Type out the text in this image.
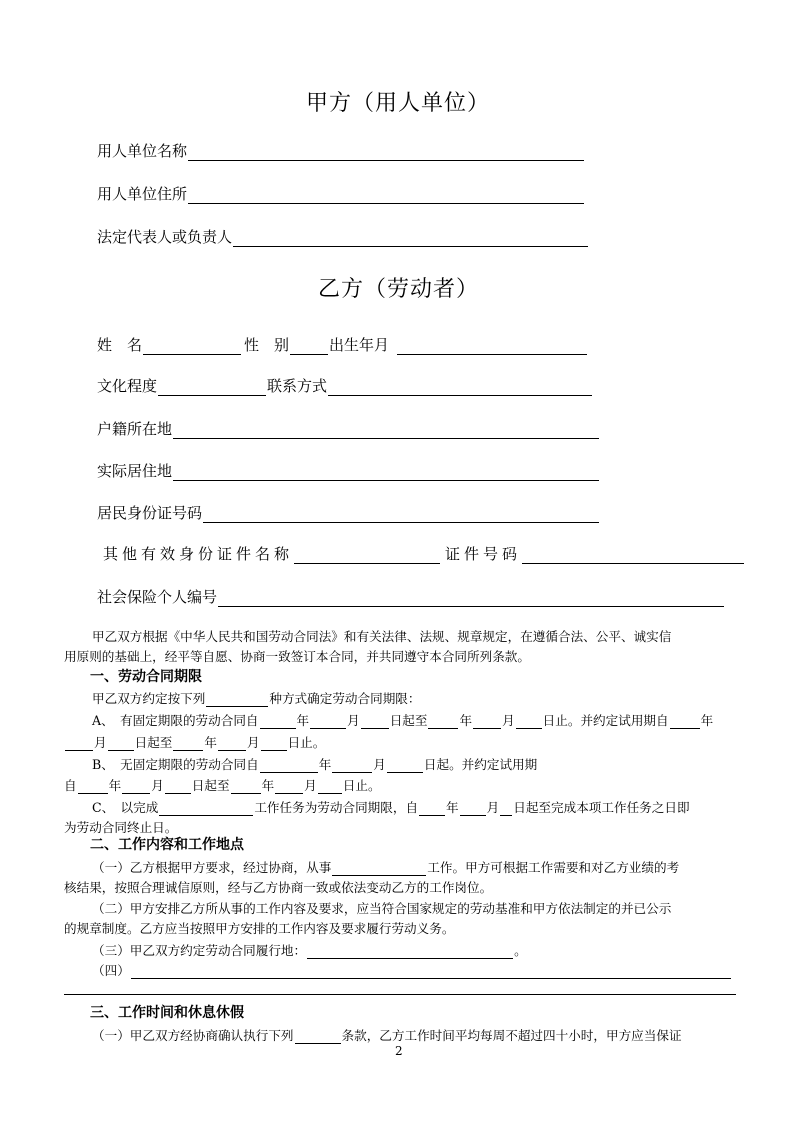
甲方（用人单位）
用人单位名称
用人单位住所
法定代表人或负责人
乙方（劳动者）
姓　名	性　别	出生年月
文化程度	联系方式
户籍所在地
实际居住地
居民身份证号码
其他有效身份证件名称	证件号码
社会保险个人编号
甲乙双方根据《中华人民共和国劳动合同法》和有关法律、法规、规章规定，在遵循合法、公平、诚实信
用原则的基础上，经平等自愿、协商一致签订本合同，并共同遵守本合同所列条款。
一、劳动合同期限
甲乙双方约定按下列	种方式确定劳动合同期限：
A、　有固定期限的劳动合同自	年	月 日起至	年 月 日止。并约定试用期自	年
月 日起至	年 月 日止。
B、　无固定期限的劳动合同自	年	月	日起。并约定试用期
自	年 月 日起至	年 月 日止。
C、　以完成	工作任务为劳动合同期限，自 年 月 日起至完成本项工作任务之日即
为劳动合同终止日。
二、工作内容和工作地点
（一）乙方根据甲方要求，经过协商，从事	工作。甲方可根据工作需要和对乙方业绩的考
核结果，按照合理诚信原则，经与乙方协商一致或依法变动乙方的工作岗位。
（二）甲方安排乙方所从事的工作内容及要求，应当符合国家规定的劳动基准和甲方依法制定的并已公示
的规章制度。乙方应当按照甲方安排的工作内容及要求履行劳动义务。
（三）甲乙双方约定劳动合同履行地：	。
（四）
三、工作时间和休息休假
（一）甲乙双方经协商确认执行下列	条款，乙方工作时间平均每周不超过四十小时，甲方应当保证
2
